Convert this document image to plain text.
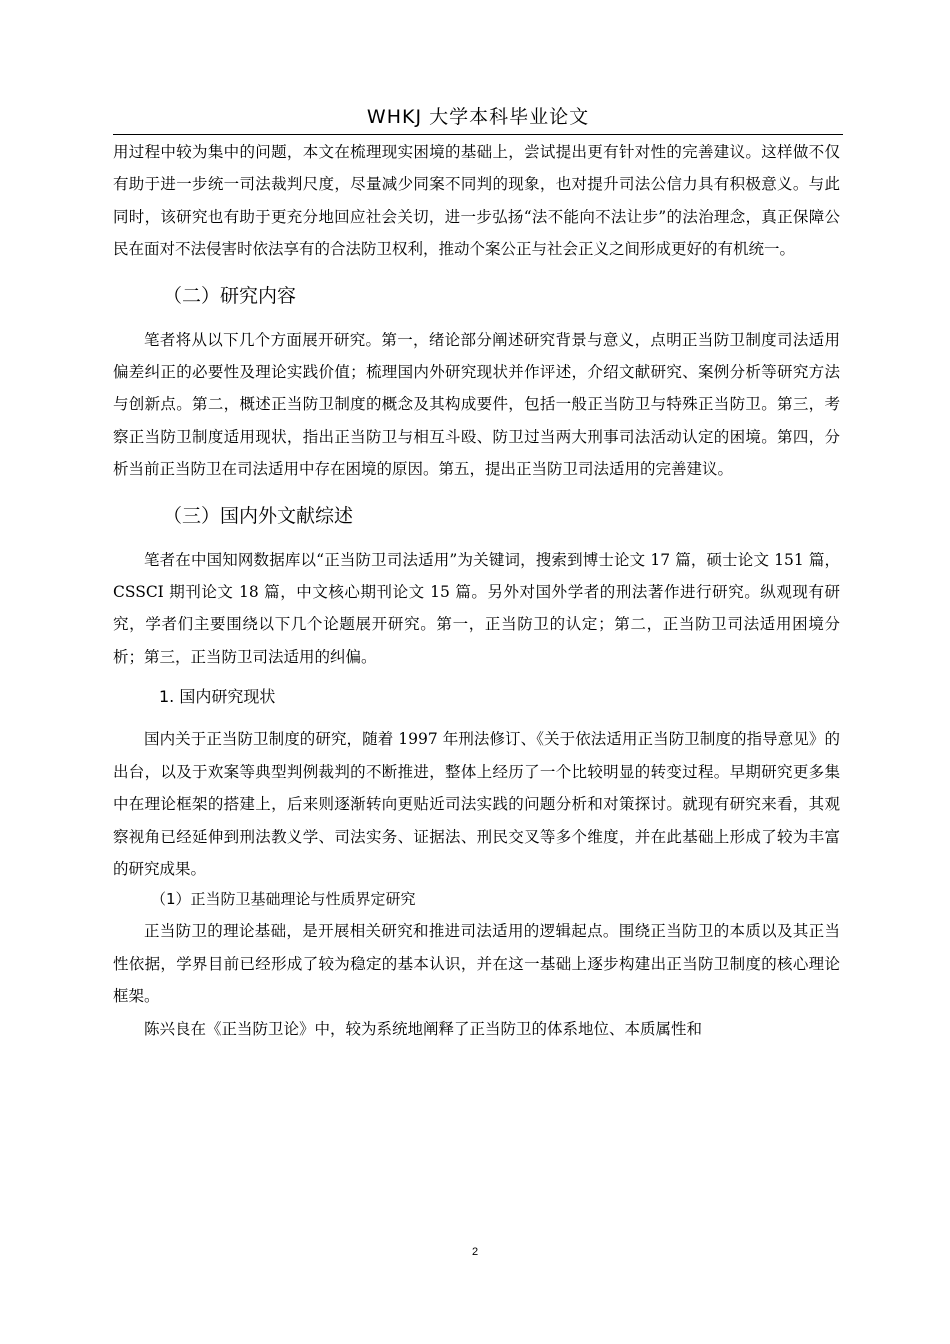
WHKJ 大学本科毕业论文

用过程中较为集中的问题，本文在梳理现实困境的基础上，尝试提出更有针对性的完善建议。这样做不仅有助于进一步统一司法裁判尺度，尽量减少同案不同判的现象，也对提升司法公信力具有积极意义。与此同时，该研究也有助于更充分地回应社会关切，进一步弘扬“法不能向不法让步”的法治理念，真正保障公民在面对不法侵害时依法享有的合法防卫权利，推动个案公正与社会正义之间形成更好的有机统一。

（二）研究内容

笔者将从以下几个方面展开研究。第一，绪论部分阐述研究背景与意义，点明正当防卫制度司法适用偏差纠正的必要性及理论实践价值；梳理国内外研究现状并作评述，介绍文献研究、案例分析等研究方法与创新点。第二，概述正当防卫制度的概念及其构成要件，包括一般正当防卫与特殊正当防卫。第三，考察正当防卫制度适用现状，指出正当防卫与相互斗殴、防卫过当两大刑事司法活动认定的困境。第四，分析当前正当防卫在司法适用中存在困境的原因。第五，提出正当防卫司法适用的完善建议。

（三）国内外文献综述

笔者在中国知网数据库以“正当防卫司法适用”为关键词，搜索到博士论文 17 篇，硕士论文 151 篇，CSSCI 期刊论文 18 篇，中文核心期刊论文 15 篇。另外对国外学者的刑法著作进行研究。纵观现有研究，学者们主要围绕以下几个论题展开研究。第一，正当防卫的认定；第二，正当防卫司法适用困境分析；第三，正当防卫司法适用的纠偏。

1. 国内研究现状

国内关于正当防卫制度的研究，随着 1997 年刑法修订、《关于依法适用正当防卫制度的指导意见》的出台，以及于欢案等典型判例裁判的不断推进，整体上经历了一个比较明显的转变过程。早期研究更多集中在理论框架的搭建上，后来则逐渐转向更贴近司法实践的问题分析和对策探讨。就现有研究来看，其观察视角已经延伸到刑法教义学、司法实务、证据法、刑民交叉等多个维度，并在此基础上形成了较为丰富的研究成果。

（1）正当防卫基础理论与性质界定研究

正当防卫的理论基础，是开展相关研究和推进司法适用的逻辑起点。围绕正当防卫的本质以及其正当性依据，学界目前已经形成了较为稳定的基本认识，并在这一基础上逐步构建出正当防卫制度的核心理论框架。

陈兴良在《正当防卫论》中，较为系统地阐释了正当防卫的体系地位、本质属性和

2
